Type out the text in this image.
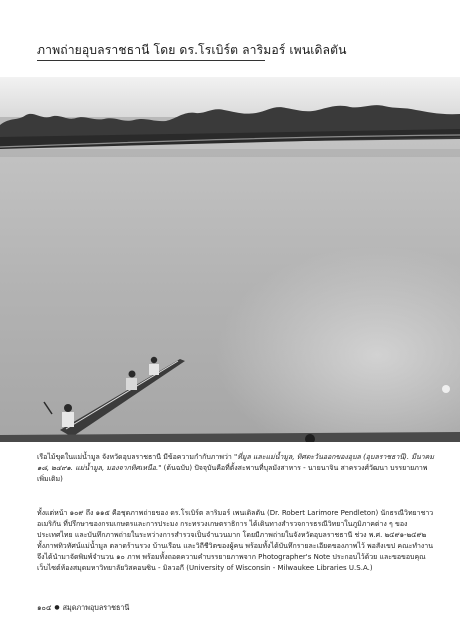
ภาพถ่ายอุบลราชธานี โดย ดร.โรเบิร์ต ลาริมอร์ เพนเดิลตัน
เรือไม้ขุดในแม่น้ำมูล จังหวัดอุบลราชธานี มีข้อความกำกับภาพว่า "ที่มูล และแม่น้ำมูล, ทิศตะวันออกของอุบล (อุบลราชธานี). มีนาคม ๑๘, ๒๔๙๑. แม่น้ำมูล, มองจากทิศเหนือ." (ต้นฉบับ) ปัจจุบันคือที่ตั้งสะพานที่บุลมังสาหาร - นายนาจิน สาครวงศ์วัฒนา บรรยายภาพเพิ่มเติม)
ทั้งแต่หน้า ๑๐๙ ถึง ๑๑๕ คือชุดภาพถ่ายของ ดร.โรเบิร์ต ลาริมอร์ เพนเดิลตัน (Dr. Robert Larimore Pendleton) นักธรณีวิทยาชาวอเมริกัน ที่ปรึกษาของกรมเกษตรและการประมง กระทรวงเกษตราธิการ ได้เดินทางสำรวจการธรณีวิทยาในภูมิภาคต่าง ๆ ของประเทศไทย และบันทึกภาพถ่ายในระหว่างการสำรวจเป็นจำนวนมาก โดยมีภาพถ่ายในจังหวัดอุบลราชธานี ช่วง พ.ศ. ๒๔๙๑-๒๔๙๒ ทั้งภาพทิวทัศน์แม่น้ำมูล ตลาดร้านรวง บ้านเรือน และวิถีชีวิตของผู้คน พร้อมทั้งได้บันทึกรายละเอียดของภาพไว้ พอสังเขป คณะทำงานจึงได้นำมาจัดพิมพ์จำนวน ๑๐ ภาพ พร้อมทั้งถอดความคำบรรยายภาพจาก Photographer's Note ประกอบไว้ด้วย และขอขอบคุณเว็บไซต์ห้องสมุดมหาวิทยาลัยวิสคอนซิน - มิลวอกี (University of Wisconsin - Milwaukee Libraries U.S.A.)
๑๐๔ ● สมุดภาพอุบลราชธานี
